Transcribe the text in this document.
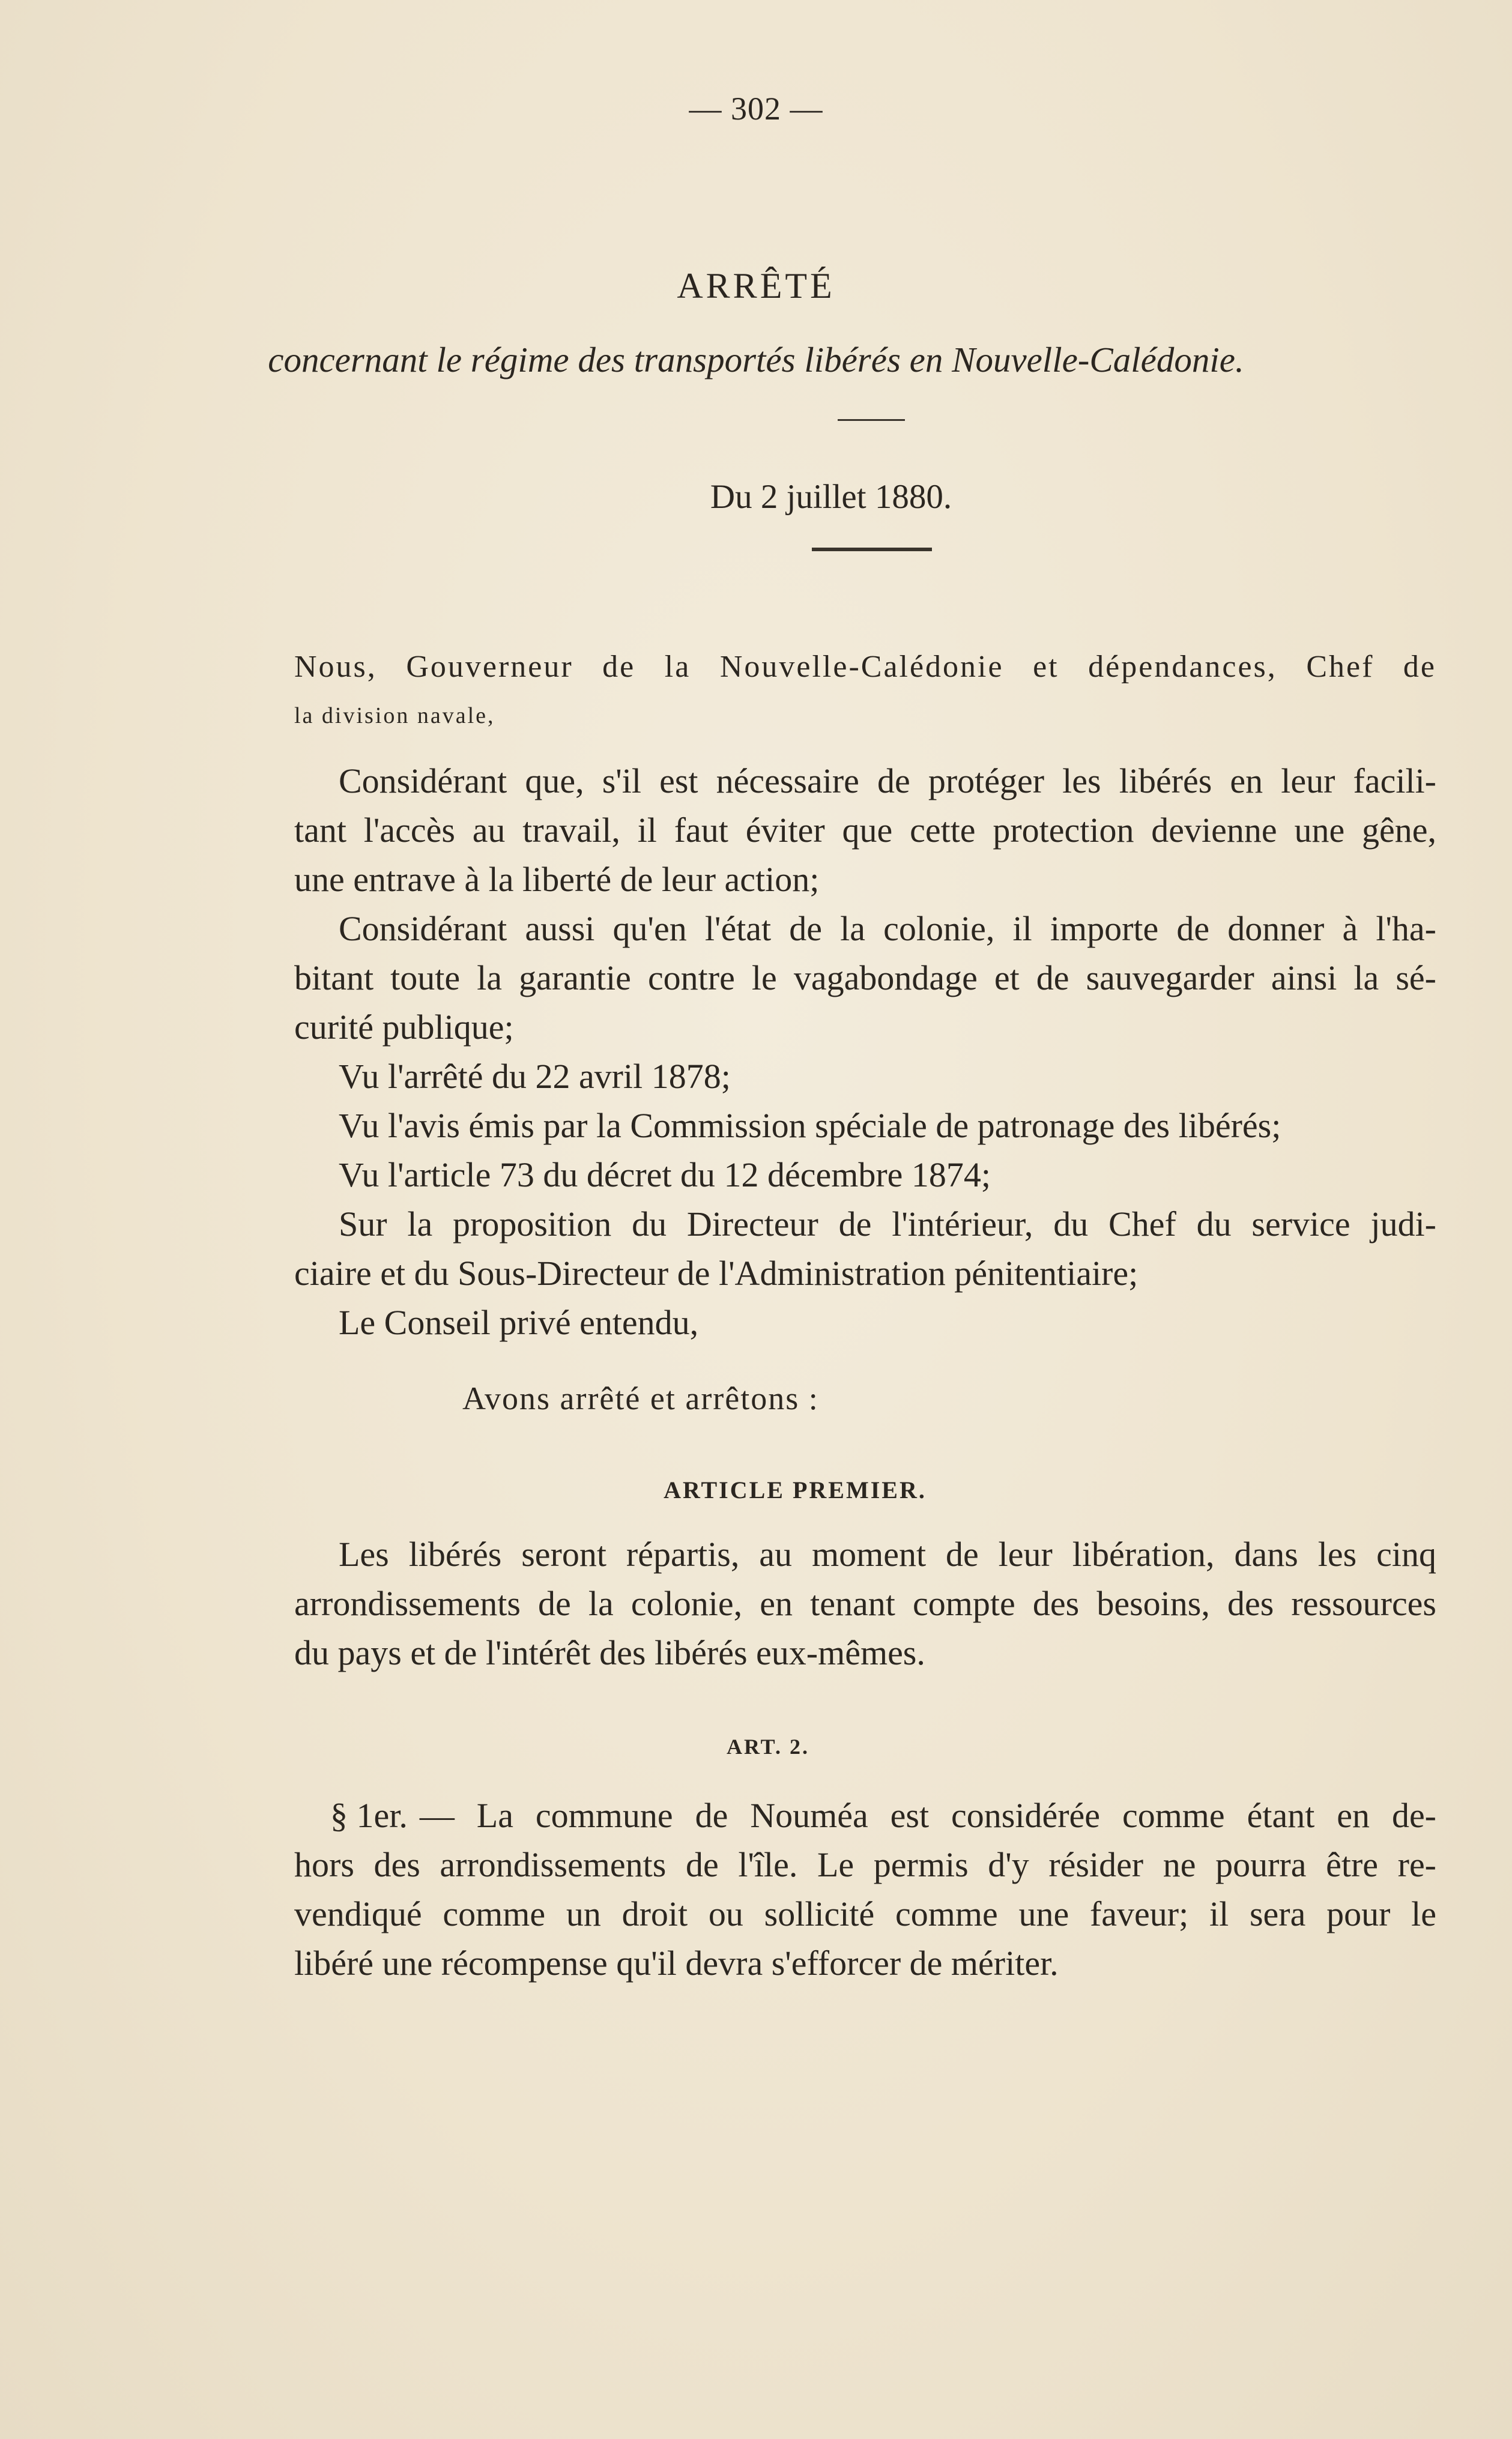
— 302 —
ARRÊTÉ
concernant le régime des transportés libérés en Nouvelle-Calédonie.
Du 2 juillet 1880.
Nous, Gouverneur de la Nouvelle-Calédonie et dépendances, Chef de
la division navale,
Considérant que, s'il est nécessaire de protéger les libérés en leur facili-
tant l'accès au travail, il faut éviter que cette protection devienne une gêne,
une entrave à la liberté de leur action;
Considérant aussi qu'en l'état de la colonie, il importe de donner à l'ha-
bitant toute la garantie contre le vagabondage et de sauvegarder ainsi la sé-
curité publique;
Vu l'arrêté du 22 avril 1878;
Vu l'avis émis par la Commission spéciale de patronage des libérés;
Vu l'article 73 du décret du 12 décembre 1874;
Sur la proposition du Directeur de l'intérieur, du Chef du service judi-
ciaire et du Sous-Directeur de l'Administration pénitentiaire;
Le Conseil privé entendu,
Avons arrêté et arrêtons :
ARTICLE PREMIER.
Les libérés seront répartis, au moment de leur libération, dans les cinq
arrondissements de la colonie, en tenant compte des besoins, des ressources
du pays et de l'intérêt des libérés eux-mêmes.
ART. 2.
§ 1er. — La commune de Nouméa est considérée comme étant en de-
hors des arrondissements de l'île. Le permis d'y résider ne pourra être re-
vendiqué comme un droit ou sollicité comme une faveur; il sera pour le
libéré une récompense qu'il devra s'efforcer de mériter.
